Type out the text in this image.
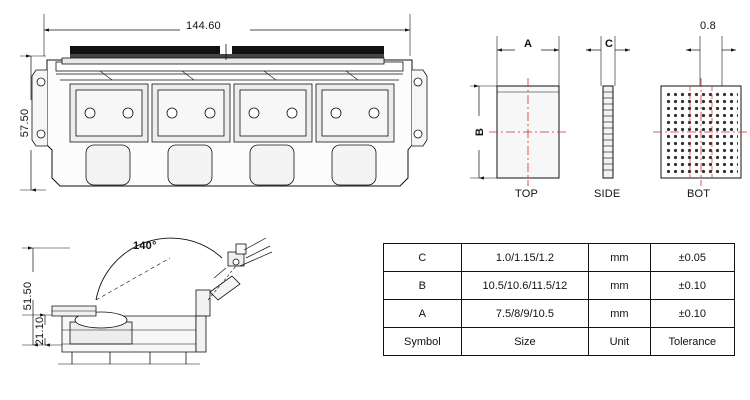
144.60
57.50
140°
51.50
21.10
A
B
TOP
C
SIDE
0.8
BOT
C	1.0/1.15/1.2	mm	±0.05
B	10.5/10.6/11.5/12	mm	±0.10
A	7.5/8/9/10.5	mm	±0.10
Symbol	Size	Unit	Tolerance
